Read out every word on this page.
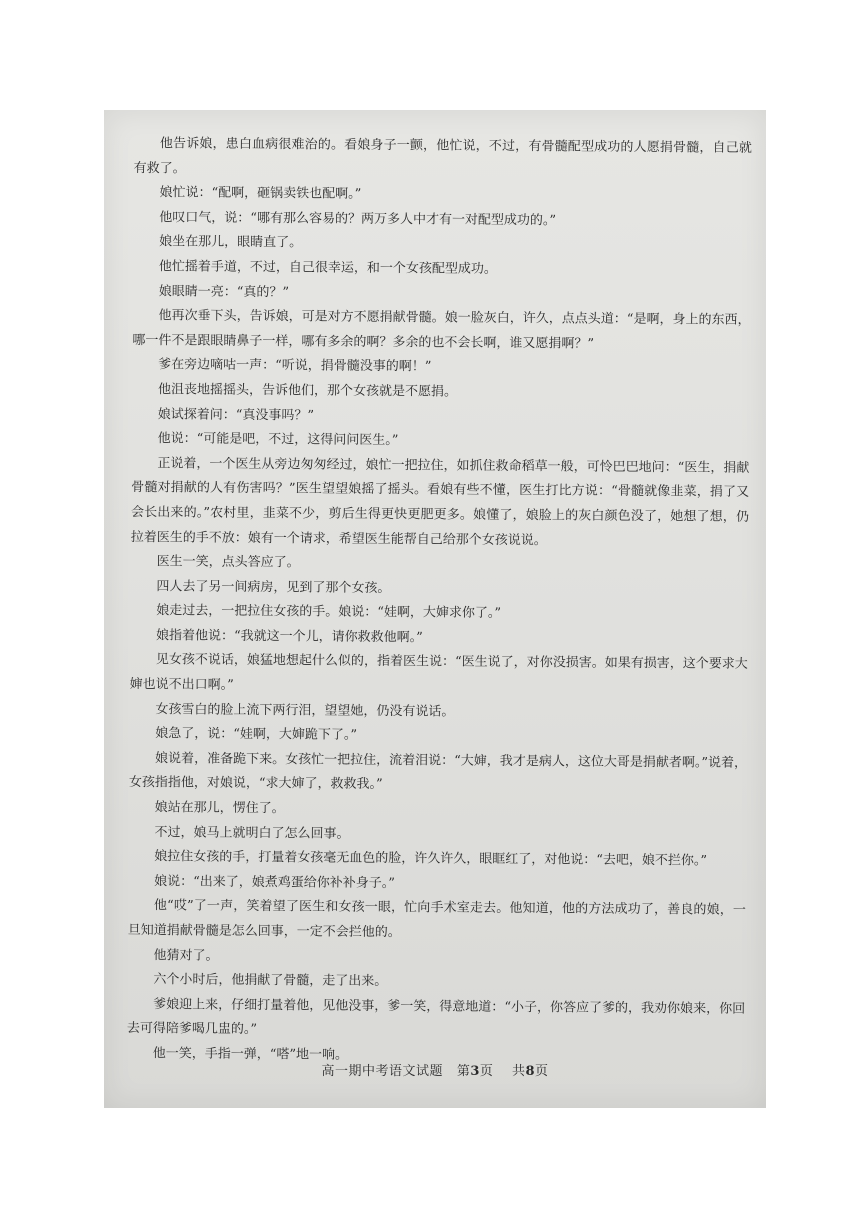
他告诉娘，患白血病很难治的。看娘身子一颤，他忙说，不过，有骨髓配型成功的人愿捐骨髓，自己就有救了。

娘忙说：“配啊，砸锅卖铁也配啊。”

他叹口气，说：“哪有那么容易的？两万多人中才有一对配型成功的。”

娘坐在那儿，眼睛直了。

他忙摇着手道，不过，自己很幸运，和一个女孩配型成功。

娘眼睛一亮：“真的？”

他再次垂下头，告诉娘，可是对方不愿捐献骨髓。娘一脸灰白，许久，点点头道：“是啊，身上的东西，哪一件不是跟眼睛鼻子一样，哪有多余的啊？多余的也不会长啊，谁又愿捐啊？”

爹在旁边嘀咕一声：“听说，捐骨髓没事的啊！”

他沮丧地摇摇头，告诉他们，那个女孩就是不愿捐。

娘试探着问：“真没事吗？”

他说：“可能是吧，不过，这得问问医生。”

正说着，一个医生从旁边匆匆经过，娘忙一把拉住，如抓住救命稻草一般，可怜巴巴地问：“医生，捐献骨髓对捐献的人有伤害吗？”医生望望娘摇了摇头。看娘有些不懂，医生打比方说：“骨髓就像韭菜，捐了又会长出来的。”农村里，韭菜不少，剪后生得更快更肥更多。娘懂了，娘脸上的灰白颜色没了，她想了想，仍拉着医生的手不放：娘有一个请求，希望医生能帮自己给那个女孩说说。

医生一笑，点头答应了。

四人去了另一间病房，见到了那个女孩。

娘走过去，一把拉住女孩的手。娘说：“娃啊，大婶求你了。”

娘指着他说：“我就这一个儿，请你救救他啊。”

见女孩不说话，娘猛地想起什么似的，指着医生说：“医生说了，对你没损害。如果有损害，这个要求大婶也说不出口啊。”

女孩雪白的脸上流下两行泪，望望她，仍没有说话。

娘急了，说：“娃啊，大婶跪下了。”

娘说着，准备跪下来。女孩忙一把拉住，流着泪说：“大婶，我才是病人，这位大哥是捐献者啊。”说着，女孩指指他，对娘说，“求大婶了，救救我。”

娘站在那儿，愣住了。

不过，娘马上就明白了怎么回事。

娘拉住女孩的手，打量着女孩毫无血色的脸，许久许久，眼眶红了，对他说：“去吧，娘不拦你。”

娘说：“出来了，娘煮鸡蛋给你补补身子。”

他“哎”了一声，笑着望了医生和女孩一眼，忙向手术室走去。他知道，他的方法成功了，善良的娘，一旦知道捐献骨髓是怎么回事，一定不会拦他的。

他猜对了。

六个小时后，他捐献了骨髓，走了出来。

爹娘迎上来，仔细打量着他，见他没事，爹一笑，得意地道：“小子，你答应了爹的，我劝你娘来，你回去可得陪爹喝几盅的。”

他一笑，手指一弹，“嗒”地一响。

高一期中考语文试题 第3页 共8页
